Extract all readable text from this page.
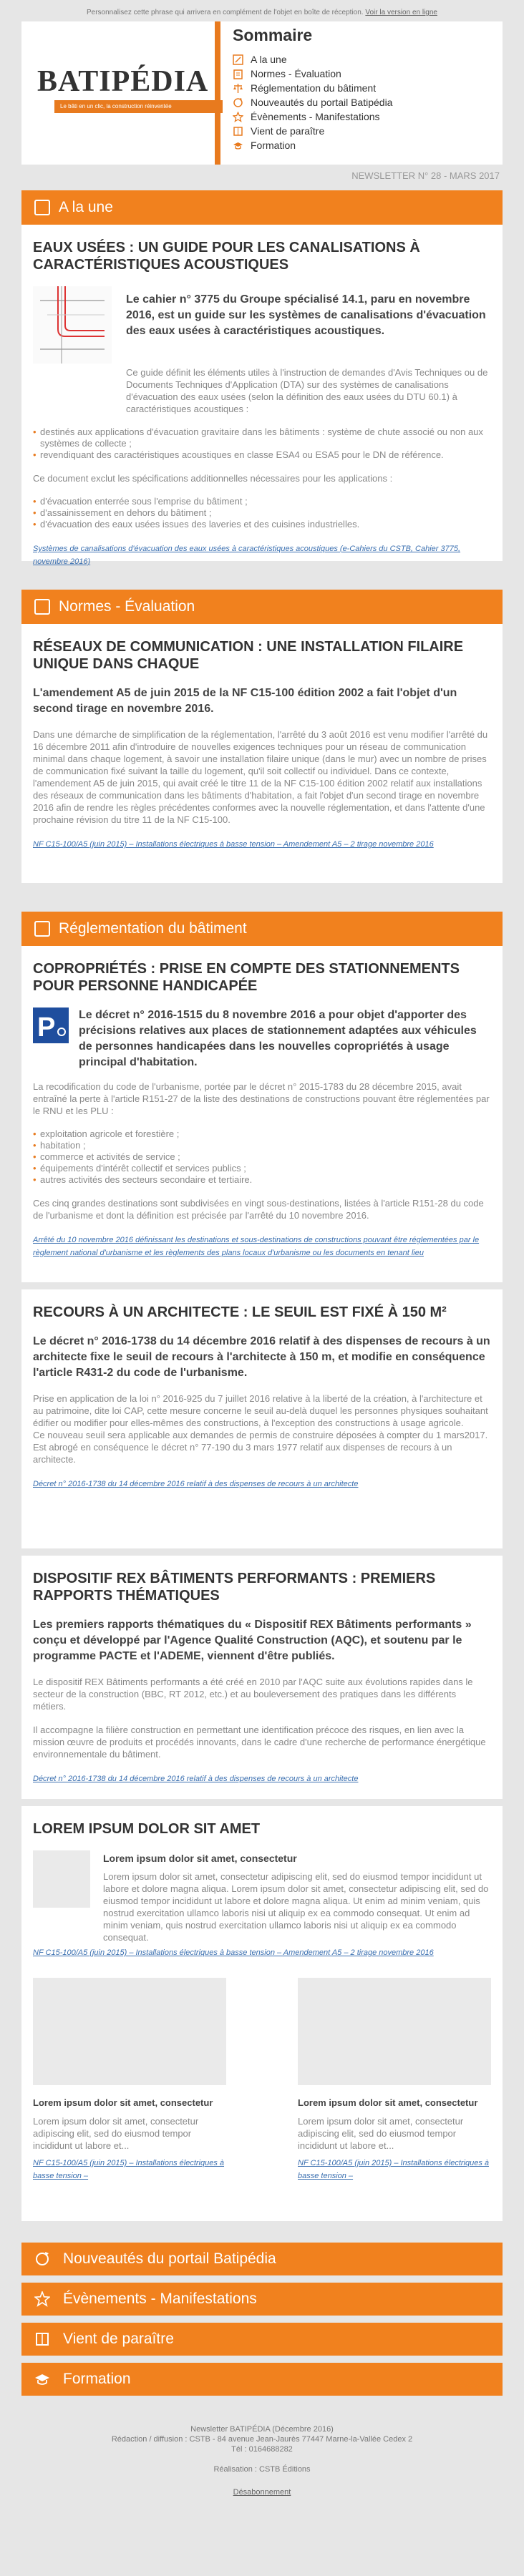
Personnalisez cette phrase qui arrivera en complément de l'objet en boîte de réception. Voir la version en ligne
BATIPÉDIA
Le bâti en un clic, la construction réinventée
Sommaire
A la une
Normes - Évaluation
Réglementation du bâtiment
Nouveautés du portail Batipédia
Évènements - Manifestations
Vient de paraître
Formation
NEWSLETTER N° 28 - MARS 2017
A la une
EAUX USÉES : UN GUIDE POUR LES CANALISATIONS À CARACTÉRISTIQUES ACOUSTIQUES
Le cahier n° 3775 du Groupe spécialisé 14.1, paru en novembre 2016, est un guide sur les systèmes de canalisations d'évacuation des eaux usées à caractéristiques acoustiques.

Ce guide définit les éléments utiles à l'instruction de demandes d'Avis Techniques ou de Documents Techniques d'Application (DTA) sur des systèmes de canalisations d'évacuation des eaux usées (selon la définition des eaux usées du DTU 60.1) à caractéristiques acoustiques :

• destinés aux applications d'évacuation gravitaire dans les bâtiments : système de chute associé ou non aux systèmes de collecte ;
• revendiquant des caractéristiques acoustiques en classe ESA4 ou ESA5 pour le DN de référence.

Ce document exclut les spécifications additionnelles nécessaires pour les applications :

• d'évacuation enterrée sous l'emprise du bâtiment ;
• d'assainissement en dehors du bâtiment ;
• d'évacuation des eaux usées issues des laveries et des cuisines industrielles.
Systèmes de canalisations d'évacuation des eaux usées à caractéristiques acoustiques (e-Cahiers du CSTB, Cahier 3775, novembre 2016)
Normes - Évaluation
RÉSEAUX DE COMMUNICATION : UNE INSTALLATION FILAIRE UNIQUE DANS CHAQUE
L'amendement A5 de juin 2015 de la NF C15-100 édition 2002 a fait l'objet d'un second tirage en novembre 2016.

Dans une démarche de simplification de la réglementation, l'arrêté du 3 août 2016 est venu modifier l'arrêté du 16 décembre 2011 afin d'introduire de nouvelles exigences techniques pour un réseau de communication minimal dans chaque logement, à savoir une installation filaire unique (dans le mur) avec un nombre de prises de communication fixé suivant la taille du logement, qu'il soit collectif ou individuel. Dans ce contexte, l'amendement A5 de juin 2015, qui avait créé le titre 11 de la NF C15-100 édition 2002 relatif aux installations des réseaux de communication dans les bâtiments d'habitation, a fait l'objet d'un second tirage en novembre 2016 afin de rendre les règles précédentes conformes avec la nouvelle réglementation, et dans l'attente d'une prochaine révision du titre 11 de la NF C15-100.

NF C15-100/A5 (juin 2015) – Installations électriques à basse tension – Amendement A5 – 2 tirage novembre 2016
Réglementation du bâtiment
COPROPRIÉTÉS : PRISE EN COMPTE DES STATIONNEMENTS POUR PERSONNE HANDICAPÉE
P Le décret n° 2016-1515 du 8 novembre 2016 a pour objet d'apporter des précisions relatives aux places de stationnement adaptées aux véhicules de personnes handicapées dans les nouvelles copropriétés à usage principal d'habitation.

La recodification du code de l'urbanisme, portée par le décret n° 2015-1783 du 28 décembre 2015, avait entraîné la perte à l'article R151-27 de la liste des destinations de constructions pouvant être réglementées par le RNU et les PLU :

• exploitation agricole et forestière ;
• habitation ;
• commerce et activités de service ;
• équipements d'intérêt collectif et services publics ;
• autres activités des secteurs secondaire et tertiaire.

Ces cinq grandes destinations sont subdivisées en vingt sous-destinations, listées à l'article R151-28 du code de l'urbanisme et dont la définition est précisée par l'arrêté du 10 novembre 2016.

Arrêté du 10 novembre 2016 définissant les destinations et sous-destinations de constructions pouvant être réglementées par le règlement national d'urbanisme et les règlements des plans locaux d'urbanisme ou les documents en tenant lieu
RECOURS À UN ARCHITECTE : LE SEUIL EST FIXÉ À 150 M²
Le décret n° 2016-1738 du 14 décembre 2016 relatif à des dispenses de recours à un architecte fixe le seuil de recours à l'architecte à 150 m, et modifie en conséquence l'article R431-2 du code de l'urbanisme.

Prise en application de la loi n° 2016-925 du 7 juillet 2016 relative à la liberté de la création, à l'architecture et au patrimoine, dite loi CAP, cette mesure concerne le seuil au-delà duquel les personnes physiques souhaitant édifier ou modifier pour elles-mêmes des constructions, à l'exception des constructions à usage agricole.

Ce nouveau seuil sera applicable aux demandes de permis de construire déposées à compter du 1 mars2017. Est abrogé en conséquence le décret n° 77-190 du 3 mars 1977 relatif aux dispenses de recours à un architecte.

Décret n° 2016-1738 du 14 décembre 2016 relatif à des dispenses de recours à un architecte
DISPOSITIF REX BÂTIMENTS PERFORMANTS : PREMIERS RAPPORTS THÉMATIQUES
Les premiers rapports thématiques du « Dispositif REX Bâtiments performants » conçu et développé par l'Agence Qualité Construction (AQC), et soutenu par le programme PACTE et l'ADEME, viennent d'être publiés.

Le dispositif REX Bâtiments performants a été créé en 2010 par l'AQC suite aux évolutions rapides dans le secteur de la construction (BBC, RT 2012, etc.) et au bouleversement des pratiques dans les différents métiers.

Il accompagne la filière construction en permettant une identification précoce des risques, en lien avec la mission œuvre de produits et procédés innovants, dans le cadre d'une recherche de performance énergétique environnementale du bâtiment.

Décret n° 2016-1738 du 14 décembre 2016 relatif à des dispenses de recours à un architecte
LOREM IPSUM DOLOR SIT AMET
Lorem ipsum dolor sit amet, consectetur
Lorem ipsum dolor sit amet, consectetur adipiscing elit, sed do eiusmod tempor incididunt ut labore et dolore magna aliqua. Lorem ipsum dolor sit amet, consectetur adipiscing elit, sed do eiusmod tempor incididunt ut labore et dolore magna aliqua. Ut enim ad minim veniam, quis nostrud exercitation ullamco laboris nisi ut aliquip ex ea commodo consequat. Ut enim ad minim veniam, quis nostrud exercitation ullamco laboris nisi ut aliquip ex ea commodo consequat.
NF C15-100/A5 (juin 2015) – Installations électriques à basse tension – Amendement A5 – 2 tirage novembre 2016
Lorem ipsum dolor sit amet, consectetur
Lorem ipsum dolor sit amet, consectetur adipiscing elit, sed do eiusmod tempor incididunt ut labore et...
NF C15-100/A5 (juin 2015) – Installations électriques à basse tension –
Lorem ipsum dolor sit amet, consectetur
Lorem ipsum dolor sit amet, consectetur adipiscing elit, sed do eiusmod tempor incididunt ut labore et...
NF C15-100/A5 (juin 2015) – Installations électriques à basse tension –
Nouveautés du portail Batipédia
Évènements - Manifestations
Vient de paraître
Formation
Newsletter BATIPÉDIA (Décembre 2016)
Rédaction / diffusion : CSTB - 84 avenue Jean-Jaurès 77447 Marne-la-Vallée Cedex 2
Tél : 0164688282
Réalisation : CSTB Éditions
Désabonnement
